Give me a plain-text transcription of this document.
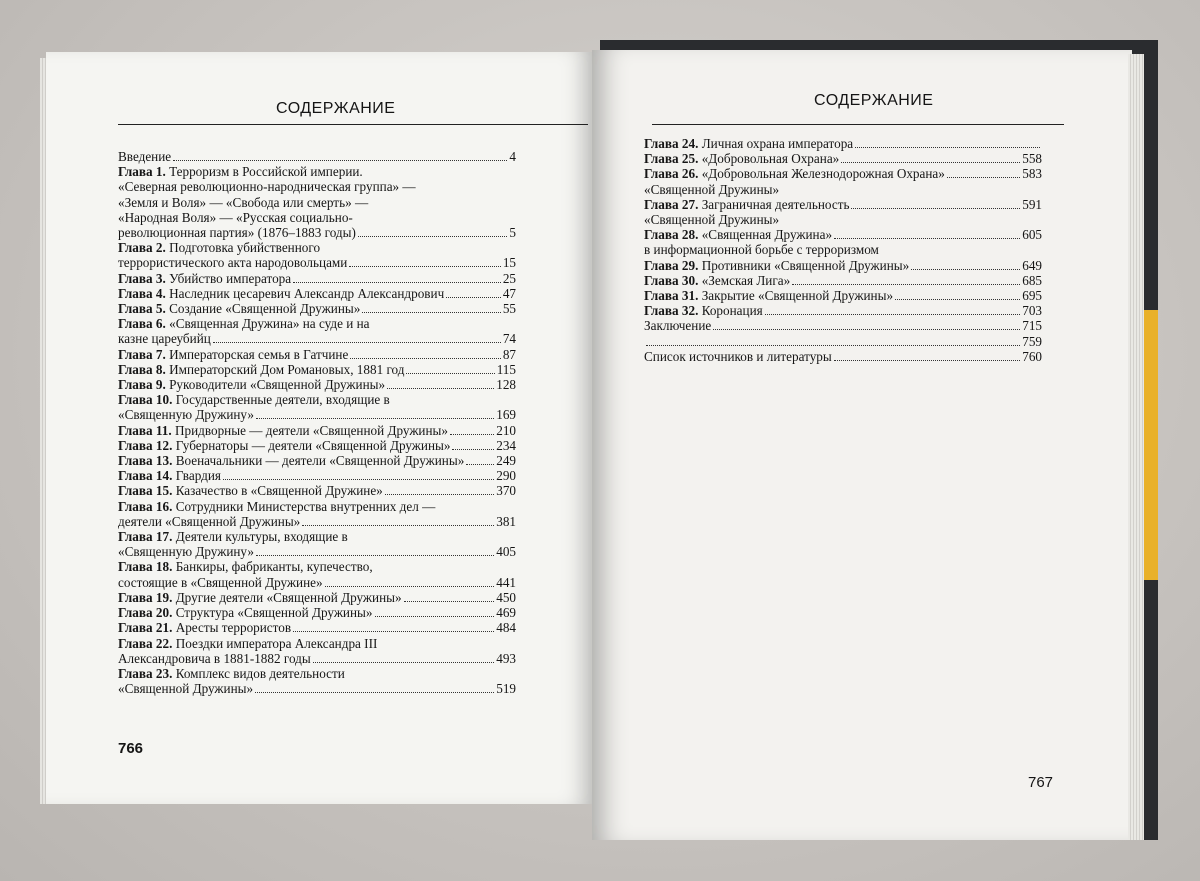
СОДЕРЖАНИЕ
Введение	4
Глава 1. Терроризм в Российской империи.
«Северная революционно-народническая группа» —
«Земля и Воля» — «Свобода или смерть» —
«Народная Воля» — «Русская социально-
революционная партия» (1876–1883 годы)	5
Глава 2. Подготовка убийственного
террористического акта народовольцами	15
Глава 3. Убийство императора	25
Глава 4. Наследник цесаревич Александр Александрович	47
Глава 5. Создание «Священной Дружины»	55
Глава 6. «Священная Дружина» на суде и на
казне цареубийц	74
Глава 7. Императорская семья в Гатчине	87
Глава 8. Императорский Дом Романовых, 1881 год	115
Глава 9. Руководители «Священной Дружины»	128
Глава 10. Государственные деятели, входящие в
«Священную Дружину»	169
Глава 11. Придворные — деятели «Священной Дружины»	210
Глава 12. Губернаторы — деятели «Священной Дружины»	234
Глава 13. Военачальники — деятели «Священной Дружины» 249
Глава 14. Гвардия	290
Глава 15. Казачество в «Священной Дружине»	370
Глава 16. Сотрудники Министерства внутренних дел —
деятели «Священной Дружины»	381
Глава 17. Деятели культуры, входящие в
«Священную Дружину»	405
Глава 18. Банкиры, фабриканты, купечество,
состоящие в «Священной Дружине»	441
Глава 19. Другие деятели «Священной Дружины»	450
Глава 20. Структура «Священной Дружины»	469
Глава 21. Аресты террористов	484
Глава 22. Поездки императора Александра III
Александровича в 1881-1882 годы	493
Глава 23. Комплекс видов деятельности
«Священной Дружины»	519
766
СОДЕРЖАНИЕ
Глава 24. Личная охрана императора
Глава 25. «Добровольная Охрана»	558
Глава 26. «Добровольная Железнодорожная Охрана»	583
«Священной Дружины»
Глава 27. Заграничная деятельность	591
«Священной Дружины»
Глава 28. «Священная Дружина»	605
в информационной борьбе с терроризмом
Глава 29. Противники «Священной Дружины»	649
Глава 30. «Земская Лига»	685
Глава 31. Закрытие «Священной Дружины»	695
Глава 32. Коронация	703
Заключение	715
759
Список источников и литературы	760
767
